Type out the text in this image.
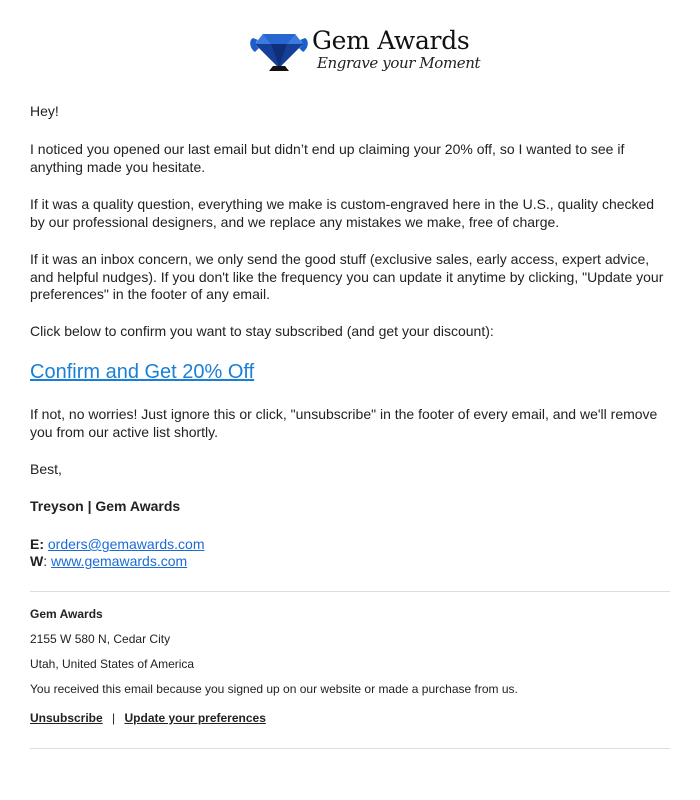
Gem Awards
Engrave your Moment

Hey!

I noticed you opened our last email but didn’t end up claiming your 20% off, so I wanted to see if anything made you hesitate.

If it was a quality question, everything we make is custom-engraved here in the U.S., quality checked by our professional designers, and we replace any mistakes we make, free of charge.

If it was an inbox concern, we only send the good stuff (exclusive sales, early access, expert advice, and helpful nudges). If you don't like the frequency you can update it anytime by clicking, "Update your preferences" in the footer of any email.

Click below to confirm you want to stay subscribed (and get your discount):

Confirm and Get 20% Off

If not, no worries! Just ignore this or click, "unsubscribe" in the footer of every email, and we'll remove you from our active list shortly.

Best,

Treyson | Gem Awards

E: orders@gemawards.com

W: www.gemawards.com

Gem Awards

2155 W 580 N, Cedar City

Utah, United States of America

You received this email because you signed up on our website or made a purchase from us.

Unsubscribe | Update your preferences
